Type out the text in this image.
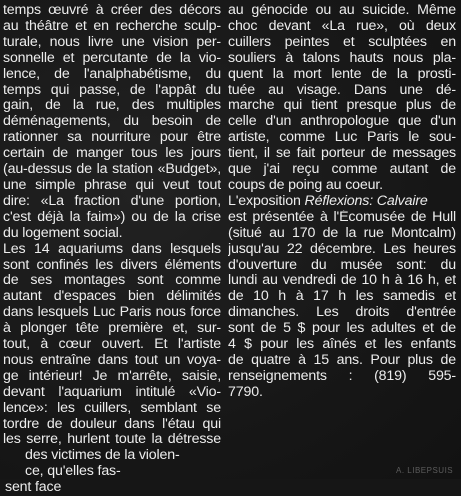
temps œuvré à créer des décors
au théâtre et en recherche sculp-
turale, nous livre une vision per-
sonnelle et percutante de la vio-
lence, de l'analphabétisme, du
temps qui passe, de l'appât du
gain, de la rue, des multiples
déménagements, du besoin de
rationner sa nourriture pour être
certain de manger tous les jours
(au-dessus de la station «Budget»,
une simple phrase qui veut tout
dire: «La fraction d'une portion,
c'est déjà la faim») ou de la crise
du logement social.
Les 14 aquariums dans lesquels
sont confinés les divers éléments
de ses montages sont comme
autant d'espaces bien délimités
dans lesquels Luc Paris nous force
à plonger tête première et, sur-
tout, à cœur ouvert. Et l'artiste
nous entraîne dans tout un voya-
ge intérieur! Je m'arrête, saisie,
devant l'aquarium intitulé «Vio-
lence»: les cuillers, semblant se
tordre de douleur dans l'étau qui
les serre, hurlent toute la détresse
des victimes de la violen-
ce, qu'elles fas-
sent face
au génocide ou au suicide. Même
choc devant «La rue», où deux
cuillers peintes et sculptées en
souliers à talons hauts nous pla-
quent la mort lente de la prosti-
tuée au visage. Dans une dé-
marche qui tient presque plus de
celle d'un anthropologue que d'un
artiste, comme Luc Paris le sou-
tient, il se fait porteur de messages
que j'ai reçu comme autant de
coups de poing au coeur.
L'exposition Réflexions: Calvaire
est présentée à l'Écomusée de Hull
(situé au 170 de la rue Montcalm)
jusqu'au 22 décembre. Les heures
d'ouverture du musée sont: du
lundi au vendredi de 10 h à 16 h, et
de 10 h à 17 h les samedis et
dimanches. Les droits d'entrée
sont de 5 $ pour les adultes et de
4 $ pour les aînés et les enfants
de quatre à 15 ans. Pour plus de
renseignements : (819) 595-
7790.
A. LIBEPSUIS
